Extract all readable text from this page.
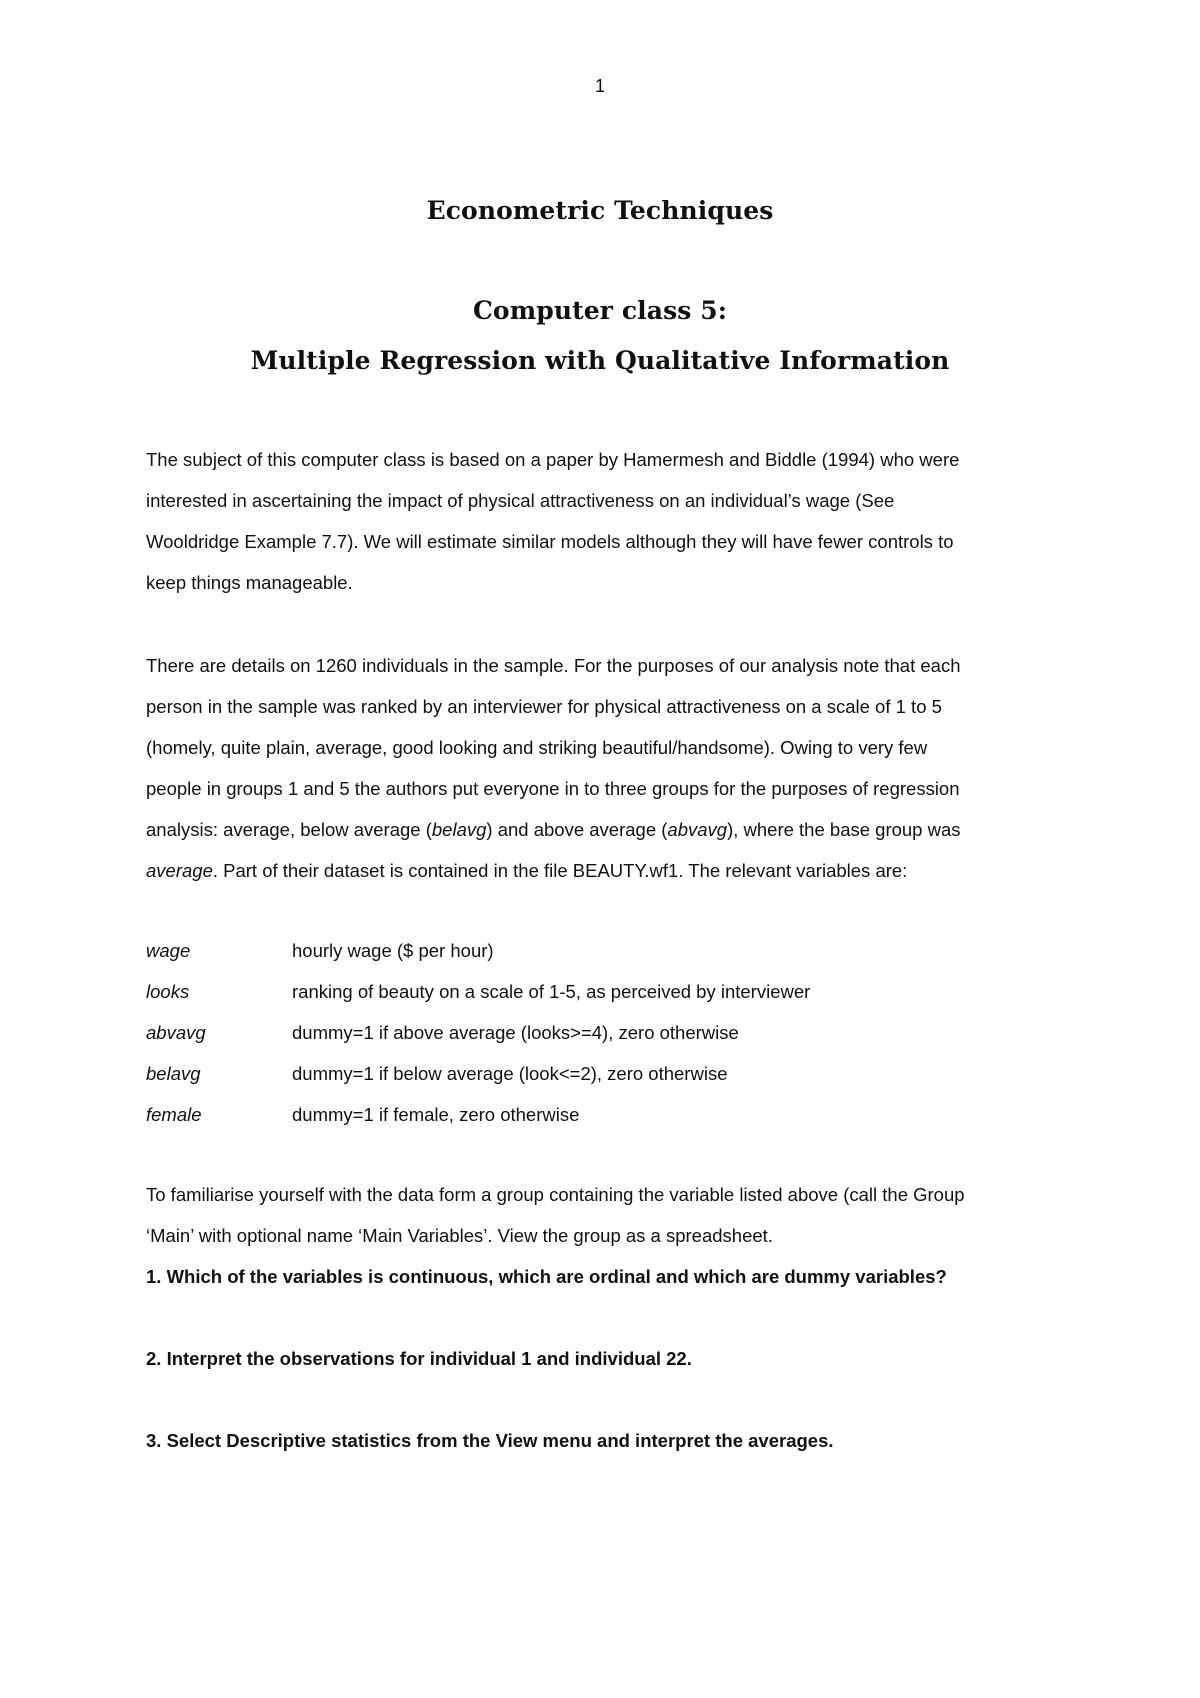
1
Econometric Techniques
Computer class 5:
Multiple Regression with Qualitative Information
The subject of this computer class is based on a paper by Hamermesh and Biddle (1994) who were
interested in ascertaining the impact of physical attractiveness on an individual’s wage (See
Wooldridge Example 7.7). We will estimate similar models although they will have fewer controls to
keep things manageable.
There are details on 1260 individuals in the sample. For the purposes of our analysis note that each
person in the sample was ranked by an interviewer for physical attractiveness on a scale of 1 to 5
(homely, quite plain, average, good looking and striking beautiful/handsome). Owing to very few
people in groups 1 and 5 the authors put everyone in to three groups for the purposes of regression
analysis: average, below average (belavg) and above average (abvavg), where the base group was
average. Part of their dataset is contained in the file BEAUTY.wf1. The relevant variables are:
wage	hourly wage ($ per hour)
looks	ranking of beauty on a scale of 1-5, as perceived by interviewer
abvavg	dummy=1 if above average (looks>=4), zero otherwise
belavg	dummy=1 if below average (look<=2), zero otherwise
female	dummy=1 if female, zero otherwise
To familiarise yourself with the data form a group containing the variable listed above (call the Group
‘Main’ with optional name ‘Main Variables’. View the group as a spreadsheet.
1. Which of the variables is continuous, which are ordinal and which are dummy variables?
2. Interpret the observations for individual 1 and individual 22.
3. Select Descriptive statistics from the View menu and interpret the averages.
